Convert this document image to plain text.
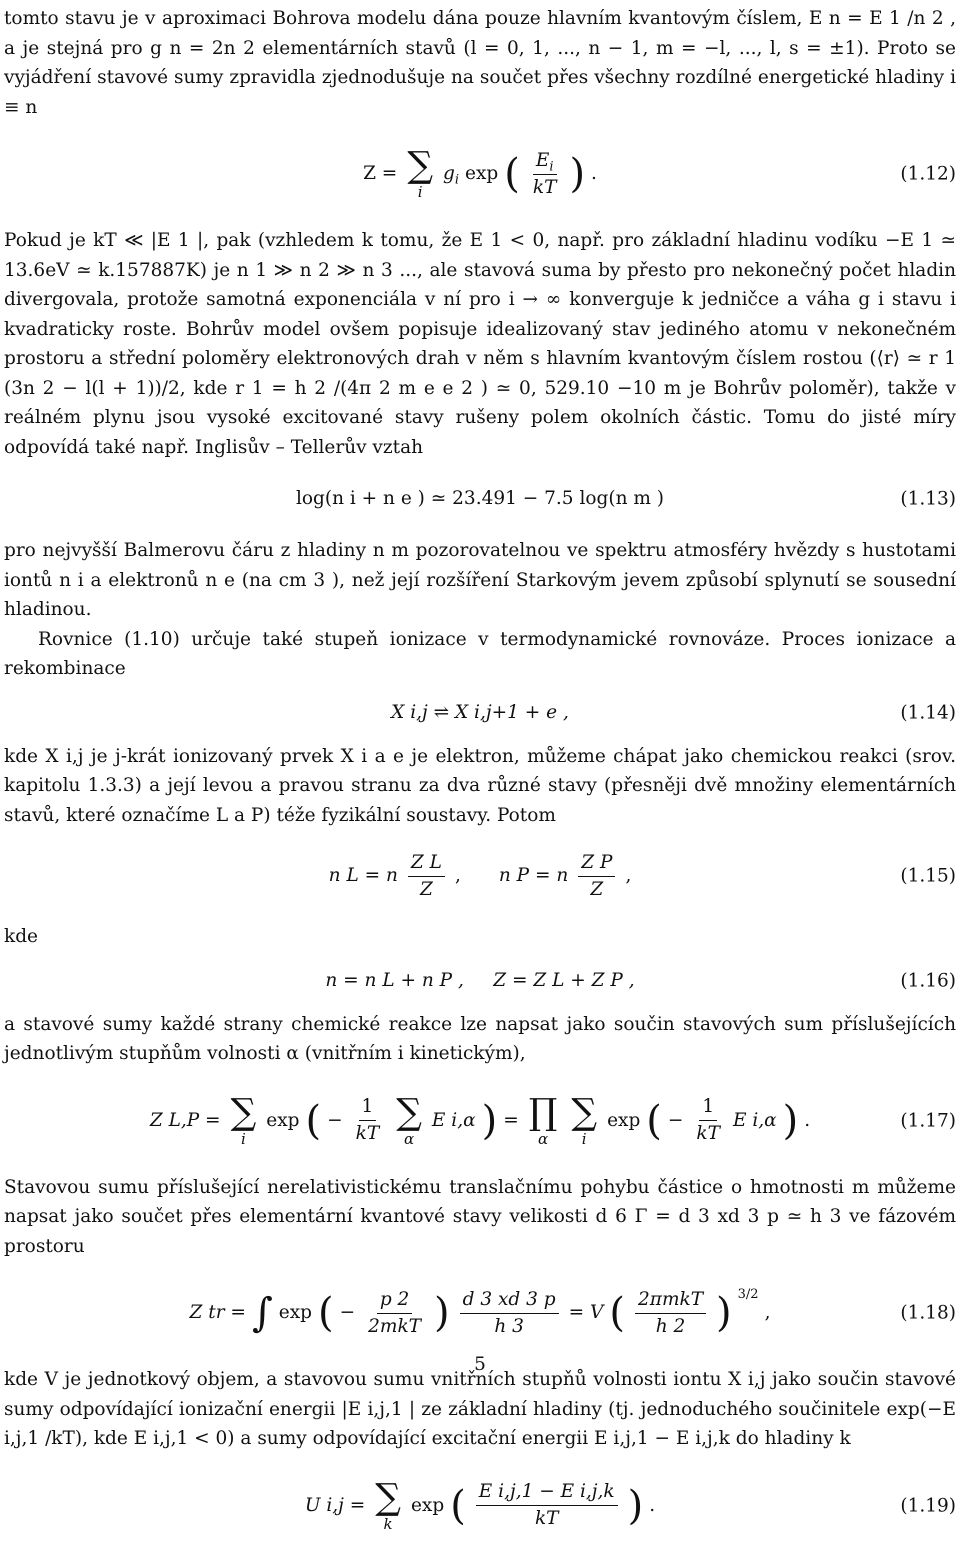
tomto stavu je v aproximaci Bohrova modelu dána pouze hlavním kvantovým číslem, E n = E 1 /n 2 , a je stejná pro g n = 2n 2 elementárních stavů (l = 0, 1, ..., n − 1, m = −l, ..., l, s = ±1). Proto se vyjádření stavové sumy zpravidla zjednodušuje na součet přes všechny rozdílné energetické hladiny i ≡ n

Z = ∑
i
$g_i$ exp ( $\frac{E_i}{kT}$ ) .	(1.12)

Pokud je kT ≪ |E 1 |, pak (vzhledem k tomu, že E 1 < 0, např. pro základní hladinu vodíku −E 1 ≃ 13.6eV ≃ k.157887K) je n 1 ≫ n 2 ≫ n 3 ..., ale stavová suma by přesto pro nekonečný počet hladin divergovala, protože samotná exponenciála v ní pro i → ∞ konverguje k jedničce a váha g i stavu i kvadraticky roste. Bohrův model ovšem popisuje idealizovaný stav jediného atomu v nekonečném prostoru a střední poloměry elektronových drah v něm s hlavním kvantovým číslem rostou (⟨r⟩ ≃ r 1 (3n 2 − l(l + 1))/2, kde r 1 = h 2 /(4π 2 m e e 2 ) ≃ 0, 529.10 −10 m je Bohrův poloměr), takže v reálném plynu jsou vysoké excitované stavy rušeny polem okolních částic. Tomu do jisté míry odpovídá také např. Inglisův – Tellerův vztah

log(n i + n e ) ≃ 23.491 − 7.5 log(n m )	(1.13)

pro nejvyšší Balmerovu čáru z hladiny n m pozorovatelnou ve spektru atmosféry hvězdy s hustotami iontů n i a elektronů n e (na cm 3 ), než její rozšíření Starkovým jevem způsobí splynutí se sousední hladinou.

Rovnice (1.10) určuje také stupeň ionizace v termodynamické rovnováze. Proces ionizace a rekombinace

X i,j ⇌ X i,j+1 + e ,	(1.14)

kde X i,j je j-krát ionizovaný prvek X i a e je elektron, můžeme chápat jako chemickou reakci (srov. kapitolu 1.3.3) a její levou a pravou stranu za dva různé stavy (přesněji dvě množiny elementárních stavů, které označíme L a P) téže fyzikální soustavy. Potom

n L = n $\frac{\text{Z L}}{Z}$ , n P = n $\frac{\text{Z P}}{Z}$ ,	(1.15)

kde

n = n L + n P ,     Z = Z L + Z P ,	(1.16)

a stavové sumy každé strany chemické reakce lze napsat jako součin stavových sum příslušejících jednotlivým stupňům volnosti α (vnitřním i kinetickým),

Z L,P = ∑
i
exp ( − $\frac{1}{kT}$ ∑
α
E i,α ) = ∏
α
∑
i
exp ( − $\frac{1}{kT}$ E i,α ) .	(1.17)

Stavovou sumu příslušející nerelativistickému translačnímu pohybu částice o hmotnosti m můžeme napsat jako součet přes elementární kvantové stavy velikosti d 6 Γ = d 3 xd 3 p ≃ h 3 ve fázovém prostoru

Z tr = ∫ exp ( − $\frac{p 2}{\text{2mkT}}$ ) $\frac{d 3 xd 3 p}{h 3} = V$ ( $\frac{\text{2πmkT}}{h 2}$ ) $^{3/2}$
,	(1.18)

kde V je jednotkový objem, a stavovou sumu vnitřních stupňů volnosti iontu X i,j jako součin stavové sumy odpovídající ionizační energii |E i,j,1 | ze základní hladiny (tj. jednoduchého součinitele exp(−E i,j,1 /kT), kde E i,j,1 < 0) a sumy odpovídající excitační energii E i,j,1 − E i,j,k do hladiny k

U i,j = ∑
k
exp ( $\frac{\text{E i,j,1 − E i,j,k}}{kT}$ ) .	(1.19)
5
